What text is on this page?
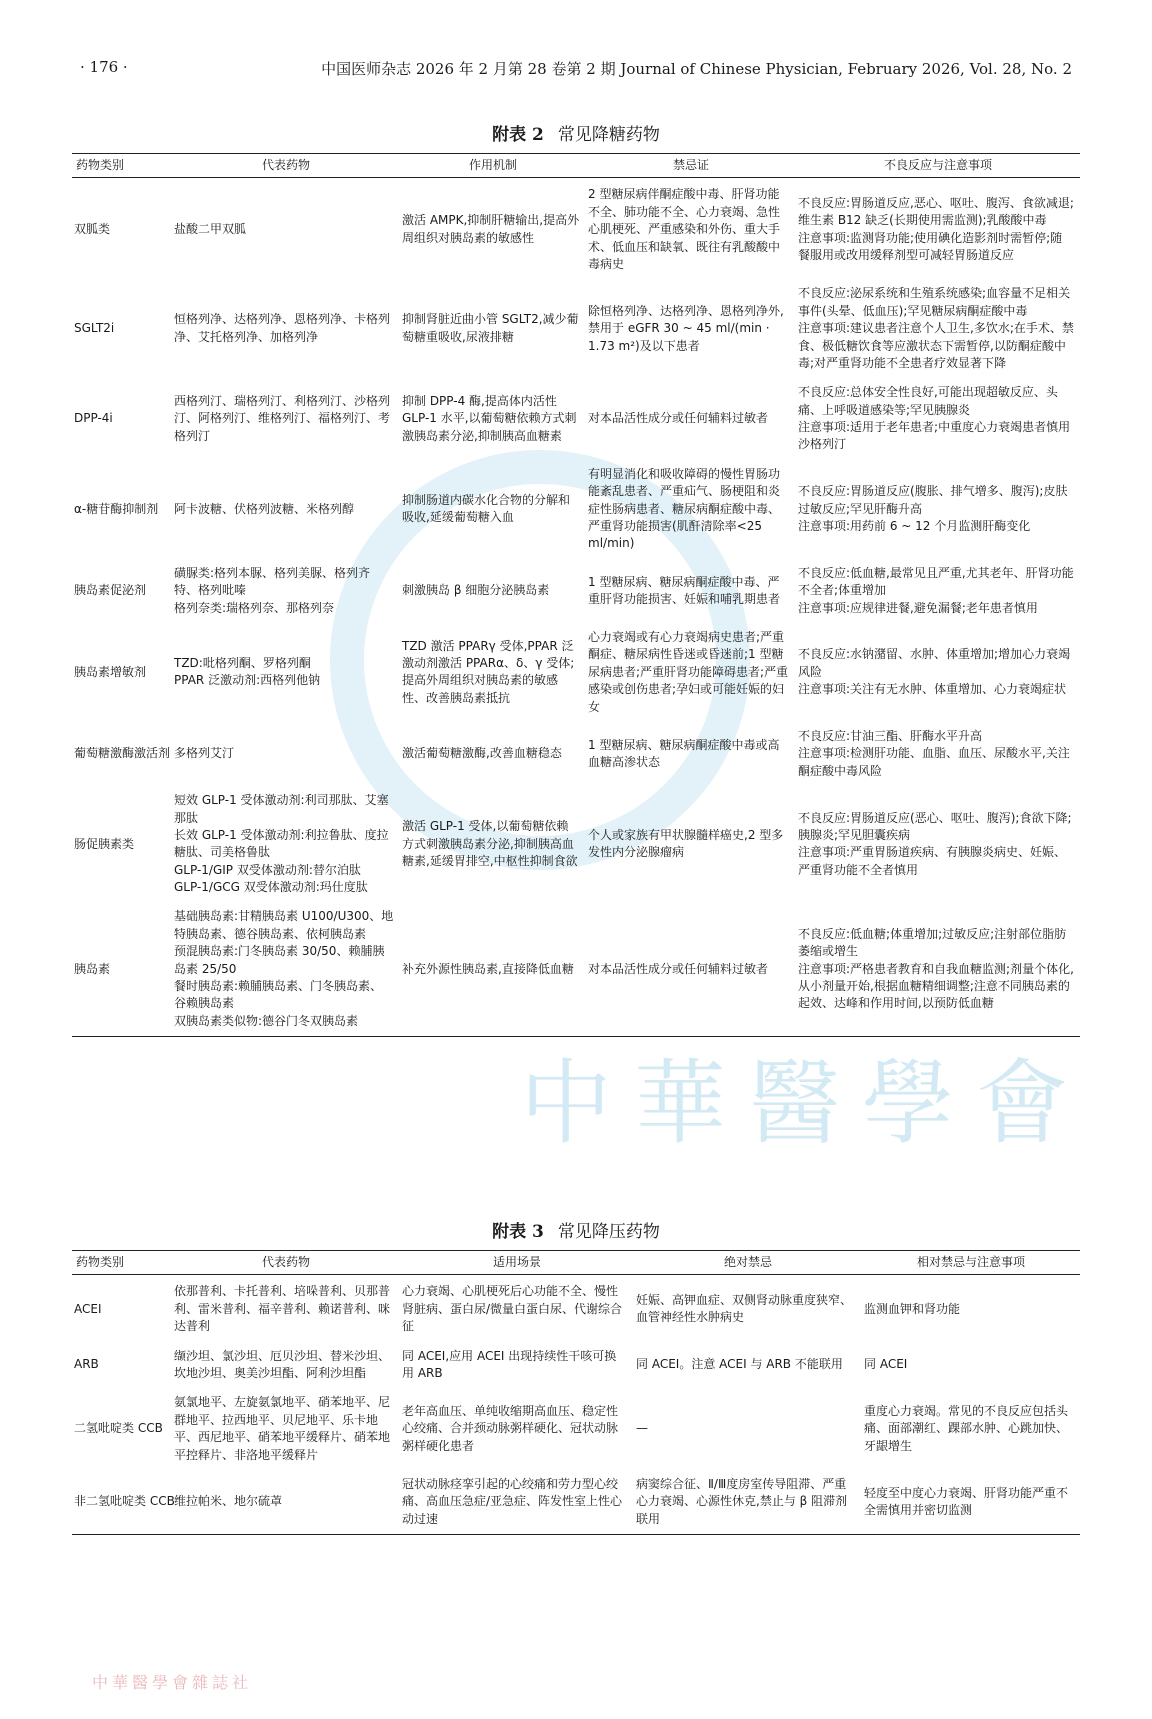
中華醫學會
· 176 ·	中国医师杂志 2026 年 2 月第 28 卷第 2 期 Journal of Chinese Physician, February 2026, Vol. 28, No. 2
附表 2 常见降糖药物
药物类别	代表药物	作用机制	禁忌证	不良反应与注意事项

双胍类	盐酸二甲双胍	激活 AMPK,抑制肝糖输出,提高外周组织对胰岛素的敏感性	2 型糖尿病伴酮症酸中毒、肝肾功能不全、肺功能不全、心力衰竭、急性心肌梗死、严重感染和外伤、重大手术、低血压和缺氧、既往有乳酸酸中毒病史	不良反应:胃肠道反应,恶心、呕吐、腹泻、食欲减退;维生素 B12 缺乏(长期使用需监测);乳酸酸中毒
注意事项:监测肾功能;使用碘化造影剂时需暂停;随餐服用或改用缓释剂型可减轻胃肠道反应

SGLT2i	恒格列净、达格列净、恩格列净、卡格列净、艾托格列净、加格列净	抑制肾脏近曲小管 SGLT2,减少葡萄糖重吸收,尿液排糖	除恒格列净、达格列净、恩格列净外,禁用于 eGFR 30 ~ 45 ml/(min · 1.73 m²)及以下患者	不良反应:泌尿系统和生殖系统感染;血容量不足相关事件(头晕、低血压);罕见糖尿病酮症酸中毒
注意事项:建议患者注意个人卫生,多饮水;在手术、禁食、极低糖饮食等应激状态下需暂停,以防酮症酸中毒;对严重肾功能不全患者疗效显著下降

DPP-4i	西格列汀、瑞格列汀、利格列汀、沙格列汀、阿格列汀、维格列汀、福格列汀、考格列汀	抑制 DPP-4 酶,提高体内活性 GLP-1 水平,以葡萄糖依赖方式刺激胰岛素分泌,抑制胰高血糖素	对本品活性成分或任何辅料过敏者	不良反应:总体安全性良好,可能出现超敏反应、头痛、上呼吸道感染等;罕见胰腺炎
注意事项:适用于老年患者;中重度心力衰竭患者慎用沙格列汀

α-糖苷酶抑制剂	阿卡波糖、伏格列波糖、米格列醇	抑制肠道内碳水化合物的分解和吸收,延缓葡萄糖入血	有明显消化和吸收障碍的慢性胃肠功能紊乱患者、严重疝气、肠梗阻和炎症性肠病患者、糖尿病酮症酸中毒、严重肾功能损害(肌酐清除率<25 ml/min)	不良反应:胃肠道反应(腹胀、排气增多、腹泻);皮肤过敏反应;罕见肝酶升高
注意事项:用药前 6 ~ 12 个月监测肝酶变化

胰岛素促泌剂	磺脲类:格列本脲、格列美脲、格列齐特、格列吡嗪
格列奈类:瑞格列奈、那格列奈	刺激胰岛 β 细胞分泌胰岛素	1 型糖尿病、糖尿病酮症酸中毒、严重肝肾功能损害、妊娠和哺乳期患者	不良反应:低血糖,最常见且严重,尤其老年、肝肾功能不全者;体重增加
注意事项:应规律进餐,避免漏餐;老年患者慎用

胰岛素增敏剂	TZD:吡格列酮、罗格列酮
PPAR 泛激动剂:西格列他钠	TZD 激活 PPARγ 受体,PPAR 泛激动剂激活 PPARα、δ、γ 受体;提高外周组织对胰岛素的敏感性、改善胰岛素抵抗	心力衰竭或有心力衰竭病史患者;严重酮症、糖尿病性昏迷或昏迷前;1 型糖尿病患者;严重肝肾功能障碍患者;严重感染或创伤患者;孕妇或可能妊娠的妇女	不良反应:水钠潴留、水肿、体重增加;增加心力衰竭风险
注意事项:关注有无水肿、体重增加、心力衰竭症状

葡萄糖激酶激活剂	多格列艾汀	激活葡萄糖激酶,改善血糖稳态	1 型糖尿病、糖尿病酮症酸中毒或高血糖高渗状态	不良反应:甘油三酯、肝酶水平升高
注意事项:检测肝功能、血脂、血压、尿酸水平,关注酮症酸中毒风险

肠促胰素类	短效 GLP-1 受体激动剂:利司那肽、艾塞那肽
长效 GLP-1 受体激动剂:利拉鲁肽、度拉糖肽、司美格鲁肽
GLP-1/GIP 双受体激动剂:替尔泊肽
GLP-1/GCG 双受体激动剂:玛仕度肽	激活 GLP-1 受体,以葡萄糖依赖方式刺激胰岛素分泌,抑制胰高血糖素,延缓胃排空,中枢性抑制食欲	个人或家族有甲状腺髓样癌史,2 型多发性内分泌腺瘤病	不良反应:胃肠道反应(恶心、呕吐、腹泻);食欲下降;胰腺炎;罕见胆囊疾病
注意事项:严重胃肠道疾病、有胰腺炎病史、妊娠、严重肾功能不全者慎用

胰岛素	基础胰岛素:甘精胰岛素 U100/U300、地特胰岛素、德谷胰岛素、依柯胰岛素
预混胰岛素:门冬胰岛素 30/50、赖脯胰岛素 25/50
餐时胰岛素:赖脯胰岛素、门冬胰岛素、谷赖胰岛素
双胰岛素类似物:德谷门冬双胰岛素	补充外源性胰岛素,直接降低血糖	对本品活性成分或任何辅料过敏者	不良反应:低血糖;体重增加;过敏反应;注射部位脂肪萎缩或增生
注意事项:严格患者教育和自我血糖监测;剂量个体化,从小剂量开始,根据血糖精细调整;注意不同胰岛素的起效、达峰和作用时间,以预防低血糖
附表 3 常见降压药物
药物类别	代表药物	适用场景	绝对禁忌	相对禁忌与注意事项

ACEI	依那普利、卡托普利、培哚普利、贝那普利、雷米普利、福辛普利、赖诺普利、咪达普利	心力衰竭、心肌梗死后心功能不全、慢性肾脏病、蛋白尿/微量白蛋白尿、代谢综合征	妊娠、高钾血症、双侧肾动脉重度狭窄、血管神经性水肿病史	监测血钾和肾功能

ARB	缬沙坦、氯沙坦、厄贝沙坦、替米沙坦、坎地沙坦、奥美沙坦酯、阿利沙坦酯	同 ACEI,应用 ACEI 出现持续性干咳可换用 ARB	同 ACEI。注意 ACEI 与 ARB 不能联用	同 ACEI

二氢吡啶类 CCB	氨氯地平、左旋氨氯地平、硝苯地平、尼群地平、拉西地平、贝尼地平、乐卡地平、西尼地平、硝苯地平缓释片、硝苯地平控释片、非洛地平缓释片	老年高血压、单纯收缩期高血压、稳定性心绞痛、合并颈动脉粥样硬化、冠状动脉粥样硬化患者	—	重度心力衰竭。常见的不良反应包括头痛、面部潮红、踝部水肿、心跳加快、牙龈增生

非二氢吡啶类 CCB	维拉帕米、地尔硫䓬	冠状动脉痉挛引起的心绞痛和劳力型心绞痛、高血压急症/亚急症、阵发性室上性心动过速	病窦综合征、Ⅱ/Ⅲ度房室传导阻滞、严重心力衰竭、心源性休克,禁止与 β 阻滞剂联用	轻度至中度心力衰竭、肝肾功能严重不全需慎用并密切监测
中華醫學會雜誌社
